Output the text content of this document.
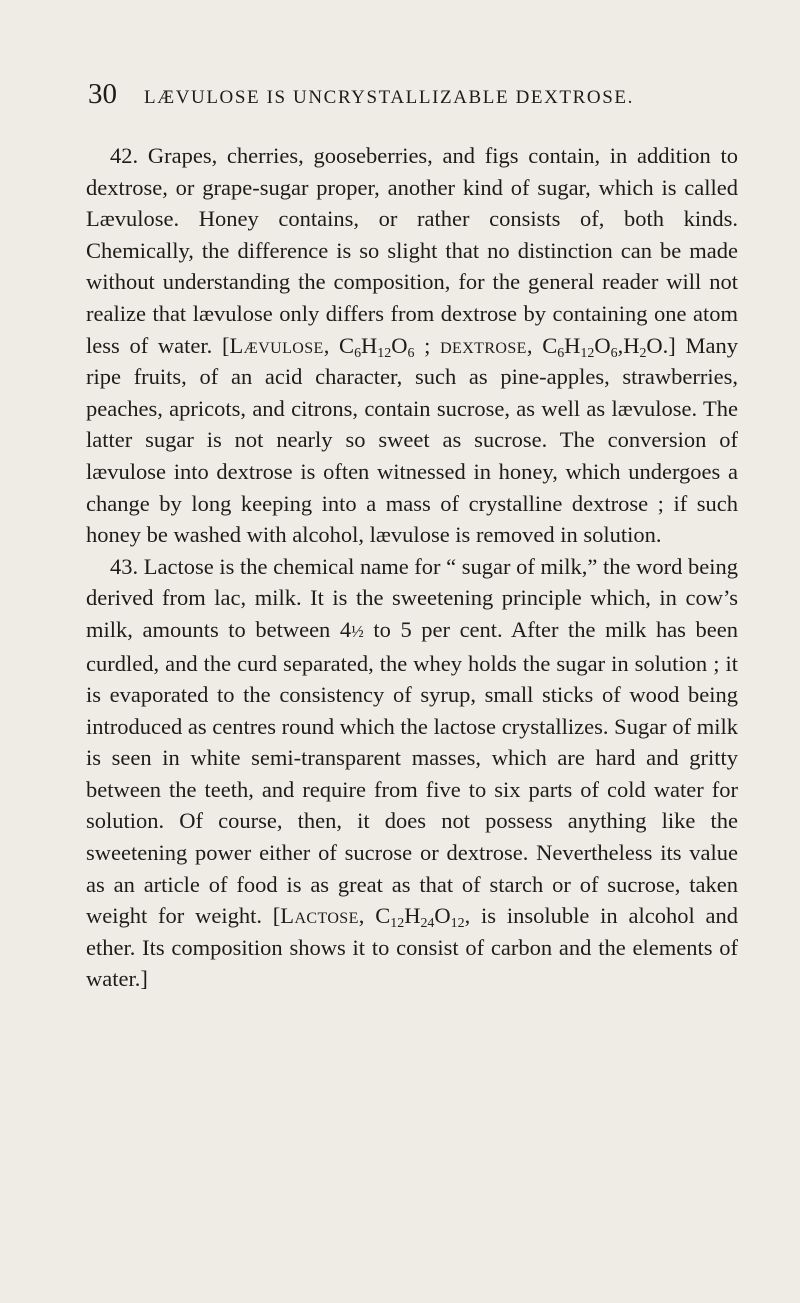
30	LÆVULOSE IS UNCRYSTALLIZABLE DEXTROSE.

42. Grapes, cherries, gooseberries, and figs contain, in addition to dextrose, or grape-sugar proper, another kind of sugar, which is called Lævulose. Honey contains, or rather consists of, both kinds. Chemically, the difference is so slight that no distinction can be made without understanding the composition, for the general reader will not realize that lævulose only differs from dextrose by containing one atom less of water. [Lævulose, $C_6H_{12}O_6$ ; dextrose, $C_6H_{12}O_6,H_2O$.] Many ripe fruits, of an acid character, such as pine-apples, strawberries, peaches, apricots, and citrons, contain sucrose, as well as lævulose. The latter sugar is not nearly so sweet as sucrose. The conversion of lævulose into dextrose is often witnessed in honey, which undergoes a change by long keeping into a mass of crystalline dextrose ; if such honey be washed with alcohol, lævulose is removed in solution.

43. Lactose is the chemical name for “ sugar of milk,” the word being derived from lac, milk. It is the sweetening principle which, in cow’s milk, amounts to between 4½ to 5 per cent. After the milk has been curdled, and the curd separated, the whey holds the sugar in solution ; it is evaporated to the consistency of syrup, small sticks of wood being introduced as centres round which the lactose crystallizes. Sugar of milk is seen in white semi-transparent masses, which are hard and gritty between the teeth, and require from five to six parts of cold water for solution. Of course, then, it does not possess anything like the sweetening power either of sucrose or dextrose. Nevertheless its value as an article of food is as great as that of starch or of sucrose, taken weight for weight. [Lactose, $C_{12}H_{24}O_{12}$, is insoluble in alcohol and ether. Its composition shows it to consist of carbon and the elements of water.]
